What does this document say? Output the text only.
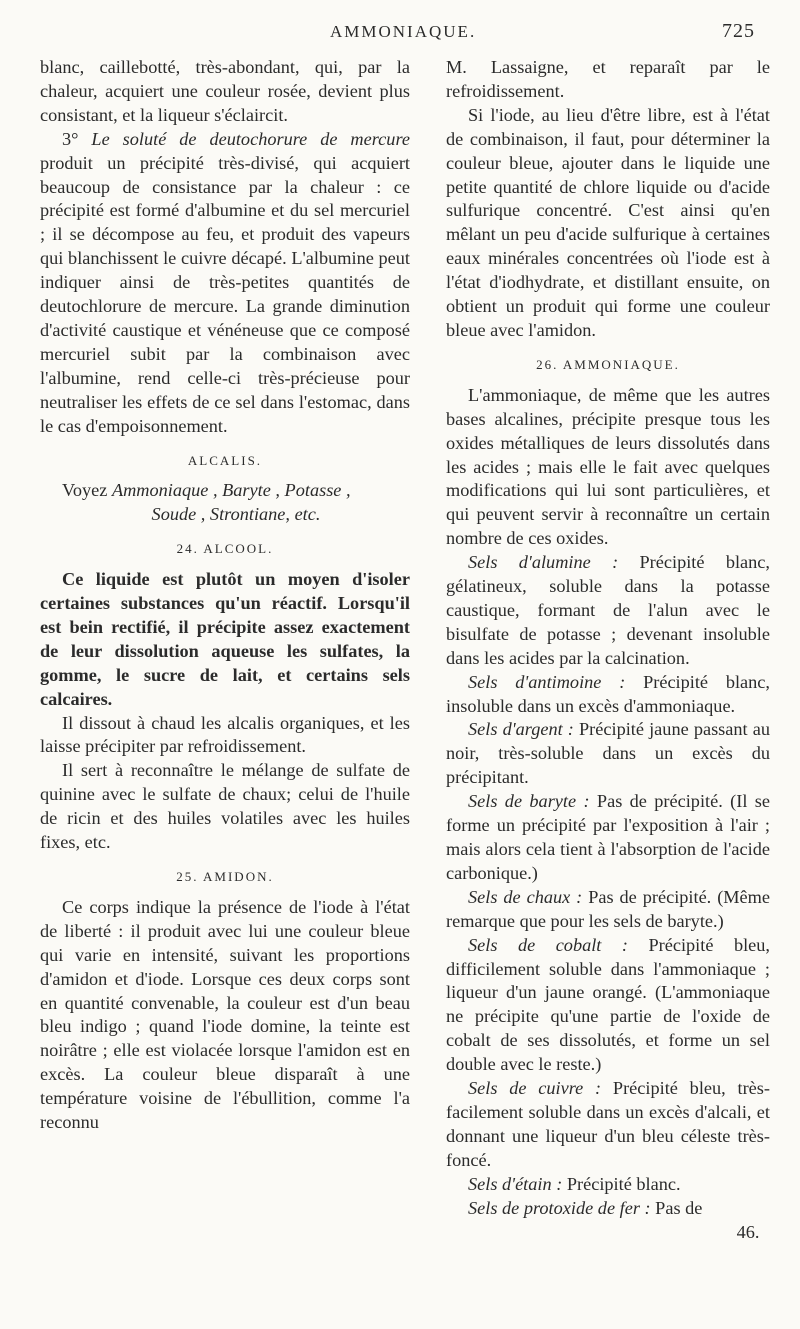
AMMONIAQUE.	725

blanc, caillebotté, très-abondant, qui, par la chaleur, acquiert une couleur rosée, devient plus consistant, et la liqueur s'éclaircit.

3° Le soluté de deutochorure de mercure produit un précipité très-divisé, qui acquiert beaucoup de consistance par la chaleur : ce précipité est formé d'albumine et du sel mercuriel ; il se décompose au feu, et produit des vapeurs qui blanchissent le cuivre décapé. L'albumine peut indiquer ainsi de très-petites quantités de deutochlorure de mercure. La grande diminution d'activité caustique et vénéneuse que ce composé mercuriel subit par la combinaison avec l'albumine, rend celle-ci très-précieuse pour neutraliser les effets de ce sel dans l'estomac, dans le cas d'empoisonnement.

ALCALIS.

Voyez Ammoniaque , Baryte , Potasse ,
Soude , Strontiane, etc.

24. ALCOOL.

Ce liquide est plutôt un moyen d'isoler certaines substances qu'un réactif. Lorsqu'il est bein rectifié, il précipite assez exactement de leur dissolution aqueuse les sulfates, la gomme, le sucre de lait, et certains sels calcaires.

Il dissout à chaud les alcalis organiques, et les laisse précipiter par refroidissement.

Il sert à reconnaître le mélange de sulfate de quinine avec le sulfate de chaux; celui de l'huile de ricin et des huiles volatiles avec les huiles fixes, etc.

25. AMIDON.

Ce corps indique la présence de l'iode à l'état de liberté : il produit avec lui une couleur bleue qui varie en intensité, suivant les proportions d'amidon et d'iode. Lorsque ces deux corps sont en quantité convenable, la couleur est d'un beau bleu indigo ; quand l'iode domine, la teinte est noirâtre ; elle est violacée lorsque l'amidon est en excès. La couleur bleue disparaît à une température voisine de l'ébullition, comme l'a reconnu

M. Lassaigne, et reparaît par le refroidissement.

Si l'iode, au lieu d'être libre, est à l'état de combinaison, il faut, pour déterminer la couleur bleue, ajouter dans le liquide une petite quantité de chlore liquide ou d'acide sulfurique concentré. C'est ainsi qu'en mêlant un peu d'acide sulfurique à certaines eaux minérales concentrées où l'iode est à l'état d'iodhydrate, et distillant ensuite, on obtient un produit qui forme une couleur bleue avec l'amidon.

26. AMMONIAQUE.

L'ammoniaque, de même que les autres bases alcalines, précipite presque tous les oxides métalliques de leurs dissolutés dans les acides ; mais elle le fait avec quelques modifications qui lui sont particulières, et qui peuvent servir à reconnaître un certain nombre de ces oxides.

Sels d'alumine : Précipité blanc, gélatineux, soluble dans la potasse caustique, formant de l'alun avec le bisulfate de potasse ; devenant insoluble dans les acides par la calcination.

Sels d'antimoine : Précipité blanc, insoluble dans un excès d'ammoniaque.

Sels d'argent : Précipité jaune passant au noir, très-soluble dans un excès du précipitant.

Sels de baryte : Pas de précipité. (Il se forme un précipité par l'exposition à l'air ; mais alors cela tient à l'absorption de l'acide carbonique.)

Sels de chaux : Pas de précipité. (Même remarque que pour les sels de baryte.)

Sels de cobalt : Précipité bleu, difficilement soluble dans l'ammoniaque ; liqueur d'un jaune orangé. (L'ammoniaque ne précipite qu'une partie de l'oxide de cobalt de ses dissolutés, et forme un sel double avec le reste.)

Sels de cuivre : Précipité bleu, très-facilement soluble dans un excès d'alcali, et donnant une liqueur d'un bleu céleste très-foncé.

Sels d'étain : Précipité blanc.

Sels de protoxide de fer : Pas de

46.
